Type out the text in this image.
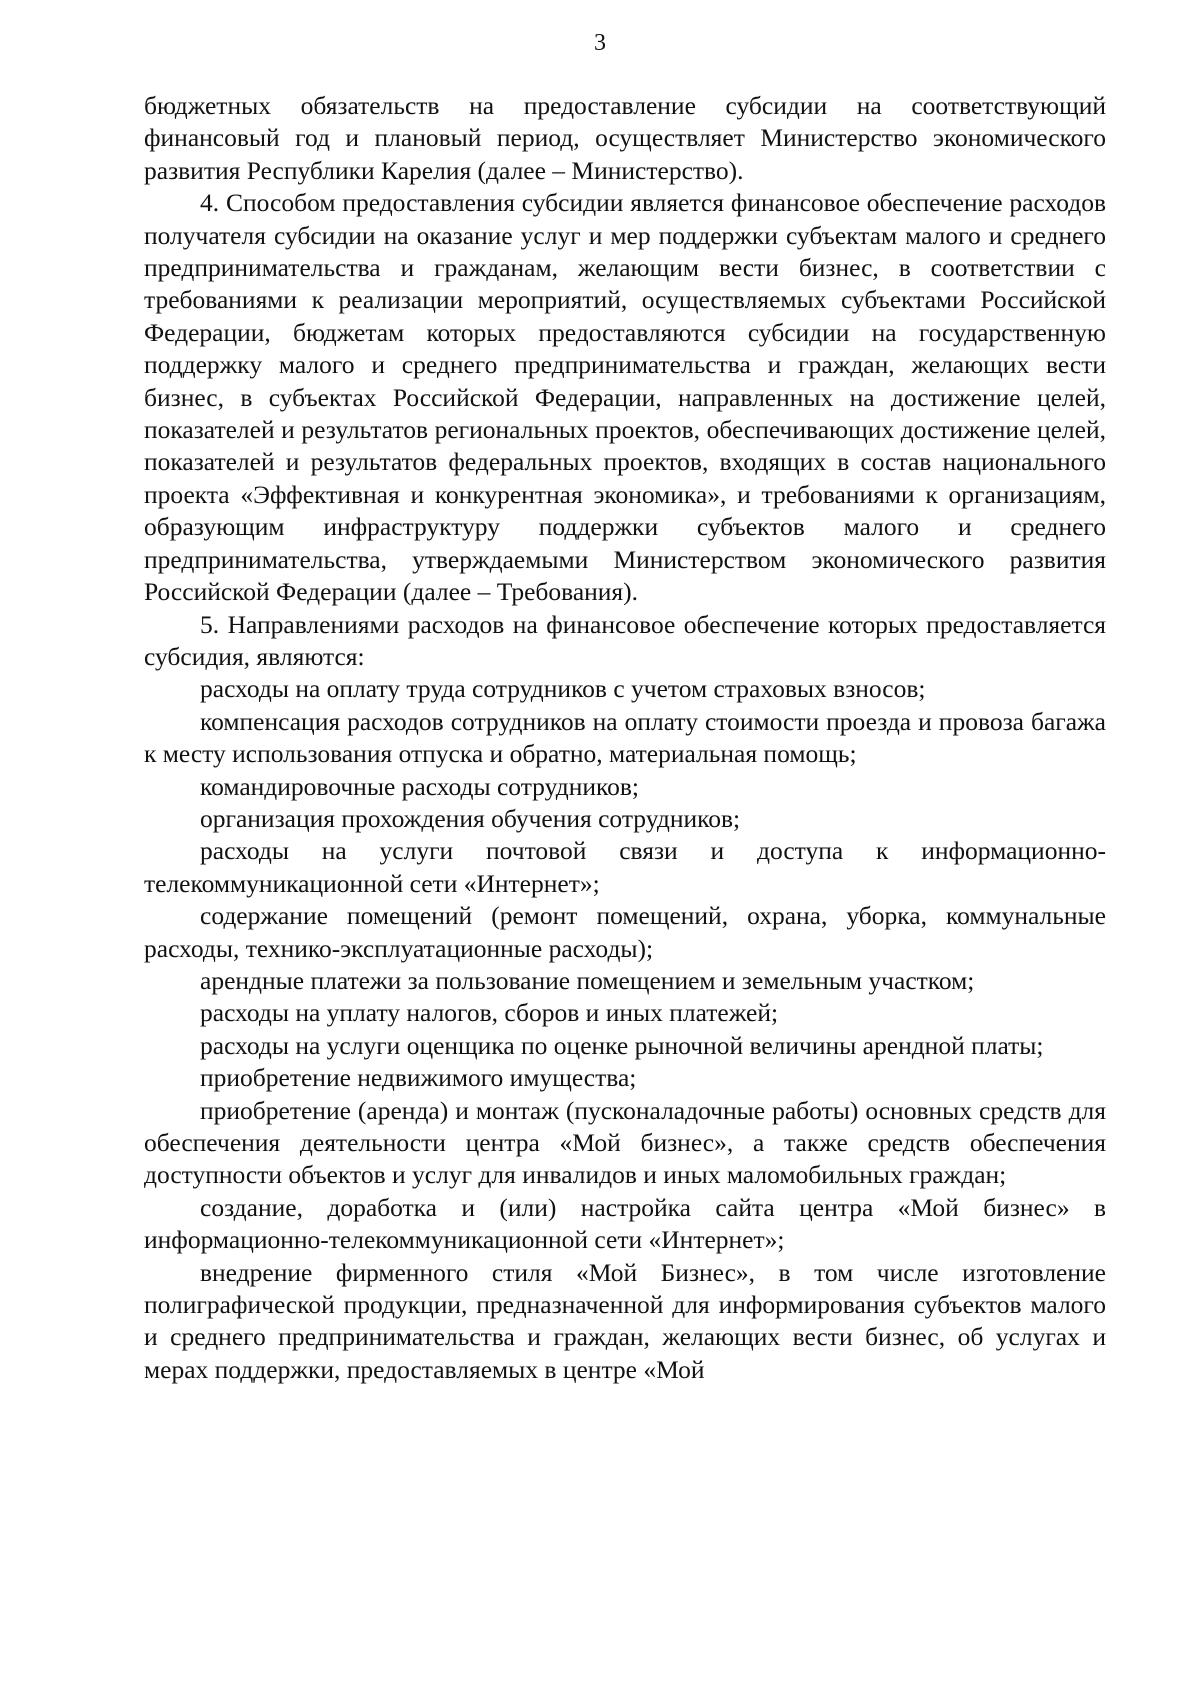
3

бюджетных обязательств на предоставление субсидии на соответствующий финансовый год и плановый период, осуществляет Министерство экономического развития Республики Карелия (далее – Министерство).

4. Способом предоставления субсидии является финансовое обеспечение расходов получателя субсидии на оказание услуг и мер поддержки субъектам малого и среднего предпринимательства и гражданам, желающим вести бизнес, в соответствии с требованиями к реализации мероприятий, осуществляемых субъектами Российской Федерации, бюджетам которых предоставляются субсидии на государственную поддержку малого и среднего предпринимательства и граждан, желающих вести бизнес, в субъектах Российской Федерации, направленных на достижение целей, показателей и результатов региональных проектов, обеспечивающих достижение целей, показателей и результатов федеральных проектов, входящих в состав национального проекта «Эффективная и конкурентная экономика», и требованиями к организациям, образующим инфраструктуру поддержки субъектов малого и среднего предпринимательства, утверждаемыми Министерством экономического развития Российской Федерации (далее – Требования).

5. Направлениями расходов на финансовое обеспечение которых предоставляется субсидия, являются:

расходы на оплату труда сотрудников с учетом страховых взносов;

компенсация расходов сотрудников на оплату стоимости проезда и провоза багажа к месту использования отпуска и обратно, материальная помощь;

командировочные расходы сотрудников;

организация прохождения обучения сотрудников;

расходы на услуги почтовой связи и доступа к информационно-телекоммуникационной сети «Интернет»;

содержание помещений (ремонт помещений, охрана, уборка, коммунальные расходы, технико-эксплуатационные расходы);

арендные платежи за пользование помещением и земельным участком;

расходы на уплату налогов, сборов и иных платежей;

расходы на услуги оценщика по оценке рыночной величины арендной платы;

приобретение недвижимого имущества;

приобретение (аренда) и монтаж (пусконаладочные работы) основных средств для обеспечения деятельности центра «Мой бизнес», а также средств обеспечения доступности объектов и услуг для инвалидов и иных маломобильных граждан;

создание, доработка и (или) настройка сайта центра «Мой бизнес» в информационно-телекоммуникационной сети «Интернет»;

внедрение фирменного стиля «Мой Бизнес», в том числе изготовление полиграфической продукции, предназначенной для информирования субъектов малого и среднего предпринимательства и граждан, желающих вести бизнес, об услугах и мерах поддержки, предоставляемых в центре «Мой
